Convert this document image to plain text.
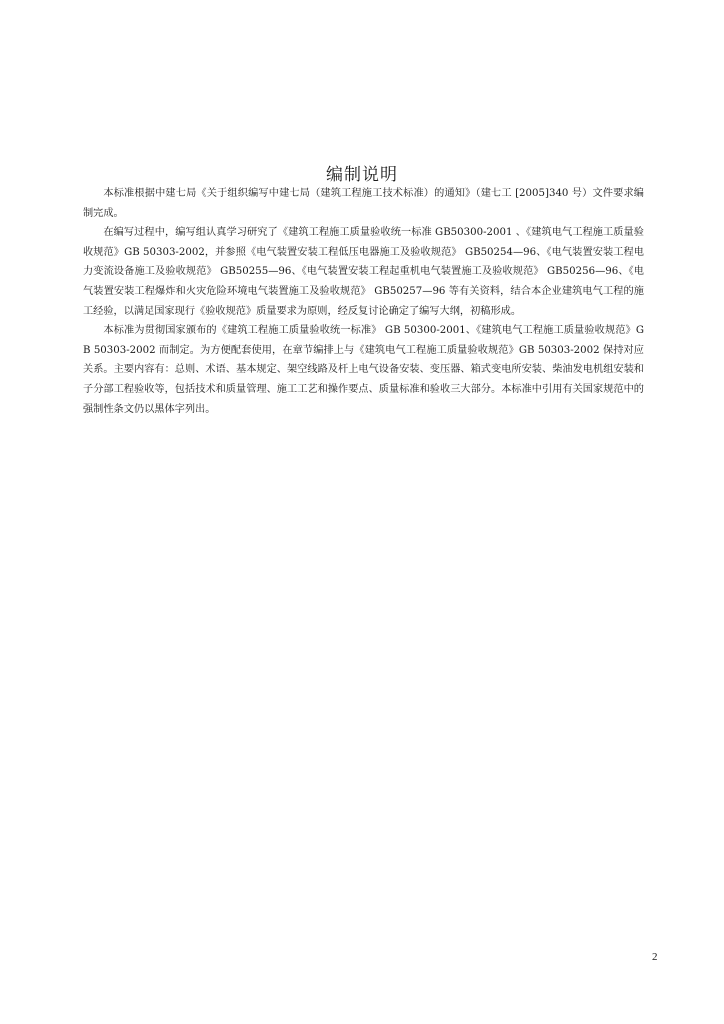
编制说明

本标准根据中建七局《关于组织编写中建七局（建筑工程施工技术标准）的通知》（建七工 [2005]340 号）文件要求编制完成。

在编写过程中，编写组认真学习研究了《建筑工程施工质量验收统一标准 GB50300-2001 、《建筑电气工程施工质量验收规范》GB 50303-2002，并参照《电气装置安装工程低压电器施工及验收规范》 GB50254—96、《电气装置安装工程电力变流设备施工及验收规范》 GB50255—96、《电气装置安装工程起重机电气装置施工及验收规范》 GB50256—96、《电气装置安装工程爆炸和火灾危险环境电气装置施工及验收规范》 GB50257—96 等有关资料，结合本企业建筑电气工程的施工经验，以满足国家现行《验收规范》质量要求为原则，经反复讨论确定了编写大纲，初稿形成。

本标准为贯彻国家颁布的《建筑工程施工质量验收统一标准》 GB 50300-2001、《建筑电气工程施工质量验收规范》GB 50303-2002 而制定。为方便配套使用，在章节编排上与《建筑电气工程施工质量验收规范》GB 50303-2002 保持对应关系。主要内容有：总则、术语、基本规定、架空线路及杆上电气设备安装、变压器、箱式变电所安装、柴油发电机组安装和子分部工程验收等，包括技术和质量管理、施工工艺和操作要点、质量标准和验收三大部分。本标准中引用有关国家规范中的强制性条文仍以黑体字列出。

2
